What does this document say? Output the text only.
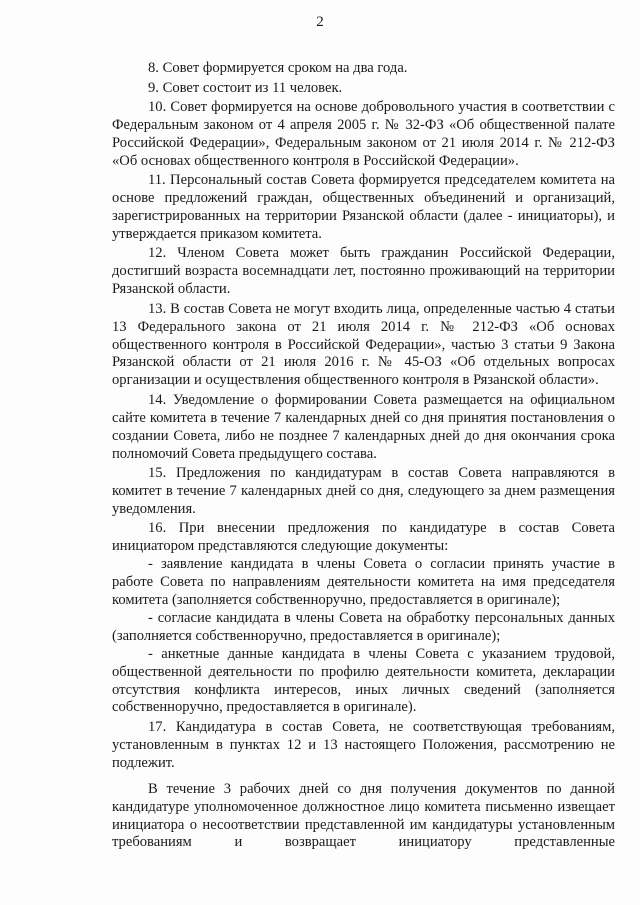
2

8. Совет формируется сроком на два года.

9. Совет состоит из 11 человек.

10. Совет формируется на основе добровольного участия в соответствии с Федеральным законом от 4 апреля 2005 г. № 32-ФЗ «Об общественной палате Российской Федерации», Федеральным законом от 21 июля 2014 г. № 212-ФЗ «Об основах общественного контроля в Российской Федерации».

11. Персональный состав Совета формируется председателем комитета на основе предложений граждан, общественных объединений и организаций, зарегистрированных на территории Рязанской области (далее - инициаторы), и утверждается приказом комитета.

12. Членом Совета может быть гражданин Российской Федерации, достигший возраста восемнадцати лет, постоянно проживающий на территории Рязанской области.

13. В состав Совета не могут входить лица, определенные частью 4 статьи 13 Федерального закона от 21 июля 2014 г. № 212-ФЗ «Об основах общественного контроля в Российской Федерации», частью 3 статьи 9 Закона Рязанской области от 21 июля 2016 г. № 45-ОЗ «Об отдельных вопросах организации и осуществления общественного контроля в Рязанской области».

14. Уведомление о формировании Совета размещается на официальном сайте комитета в течение 7 календарных дней со дня принятия постановления о создании Совета, либо не позднее 7 календарных дней до дня окончания срока полномочий Совета предыдущего состава.

15. Предложения по кандидатурам в состав Совета направляются в комитет в течение 7 календарных дней со дня, следующего за днем размещения уведомления.

16. При внесении предложения по кандидатуре в состав Совета инициатором представляются следующие документы:

- заявление кандидата в члены Совета о согласии принять участие в работе Совета по направлениям деятельности комитета на имя председателя комитета (заполняется собственноручно, предоставляется в оригинале);

- согласие кандидата в члены Совета на обработку персональных данных (заполняется собственноручно, предоставляется в оригинале);

- анкетные данные кандидата в члены Совета с указанием трудовой, общественной деятельности по профилю деятельности комитета, декларации отсутствия конфликта интересов, иных личных сведений (заполняется собственноручно, предоставляется в оригинале).

17. Кандидатура в состав Совета, не соответствующая требованиям, установленным в пунктах 12 и 13 настоящего Положения, рассмотрению не подлежит.

В течение 3 рабочих дней со дня получения документов по данной кандидатуре уполномоченное должностное лицо комитета письменно извещает инициатора о несоответствии представленной им кандидатуры установленным требованиям и возвращает инициатору представленные
